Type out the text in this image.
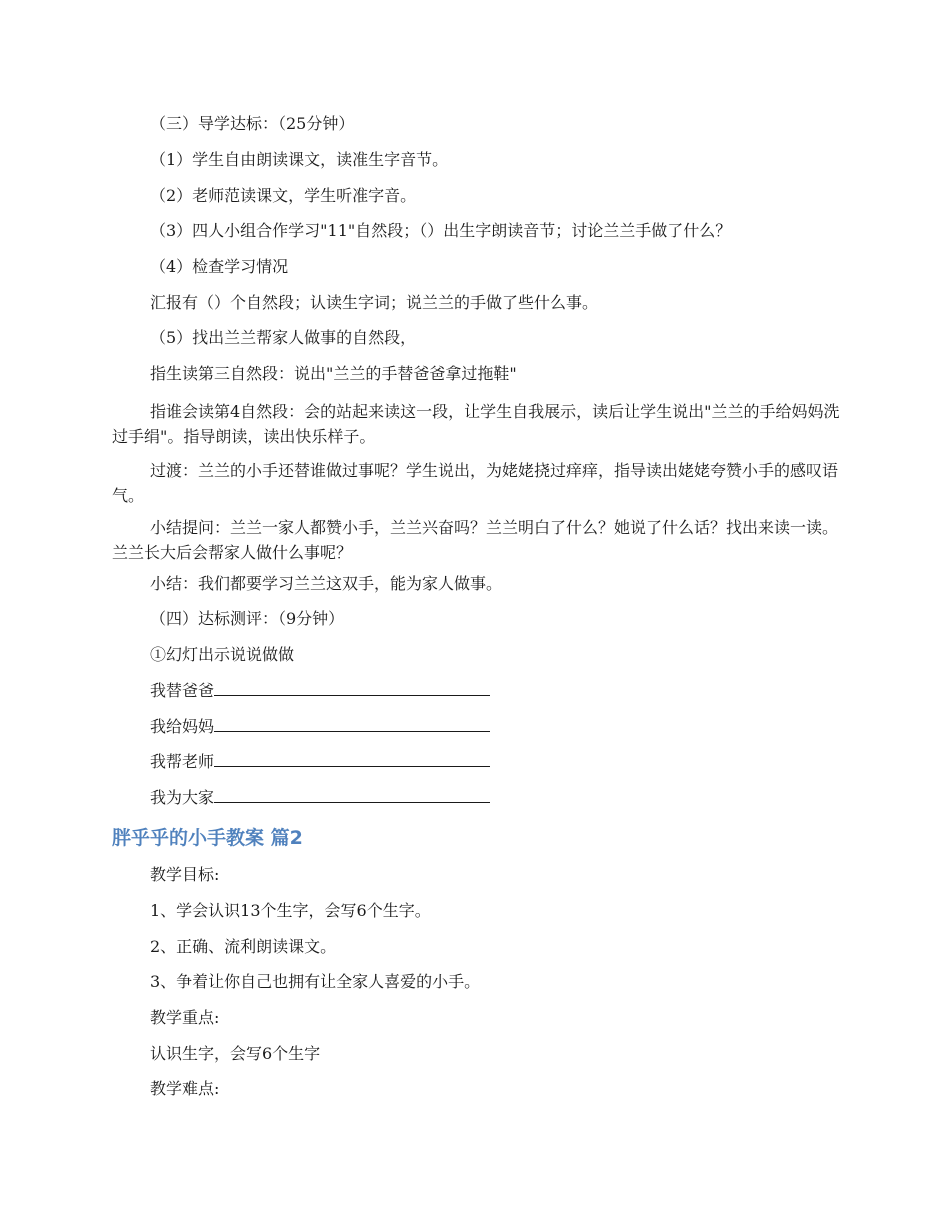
（三）导学达标：（25分钟）
（1）学生自由朗读课文，读准生字音节。
（2）老师范读课文，学生听准字音。
（3）四人小组合作学习"11"自然段；（）出生字朗读音节；讨论兰兰手做了什么？
（4）检查学习情况
汇报有（）个自然段；认读生字词；说兰兰的手做了些什么事。
（5）找出兰兰帮家人做事的自然段，
指生读第三自然段：说出"兰兰的手替爸爸拿过拖鞋"
指谁会读第4自然段：会的站起来读这一段，让学生自我展示，读后让学生说出"兰兰的手给妈妈洗过手绢"。指导朗读，读出快乐样子。
过渡：兰兰的小手还替谁做过事呢？学生说出，为姥姥挠过痒痒，指导读出姥姥夸赞小手的感叹语气。
小结提问：兰兰一家人都赞小手，兰兰兴奋吗？兰兰明白了什么？她说了什么话？找出来读一读。兰兰长大后会帮家人做什么事呢？
小结：我们都要学习兰兰这双手，能为家人做事。
（四）达标测评：（9分钟）
①幻灯出示说说做做
我替爸爸
我给妈妈
我帮老师
我为大家
胖乎乎的小手教案 篇2
教学目标:
1、学会认识13个生字，会写6个生字。
2、正确、流利朗读课文。
3、争着让你自己也拥有让全家人喜爱的小手。
教学重点:
认识生字，会写6个生字
教学难点:
